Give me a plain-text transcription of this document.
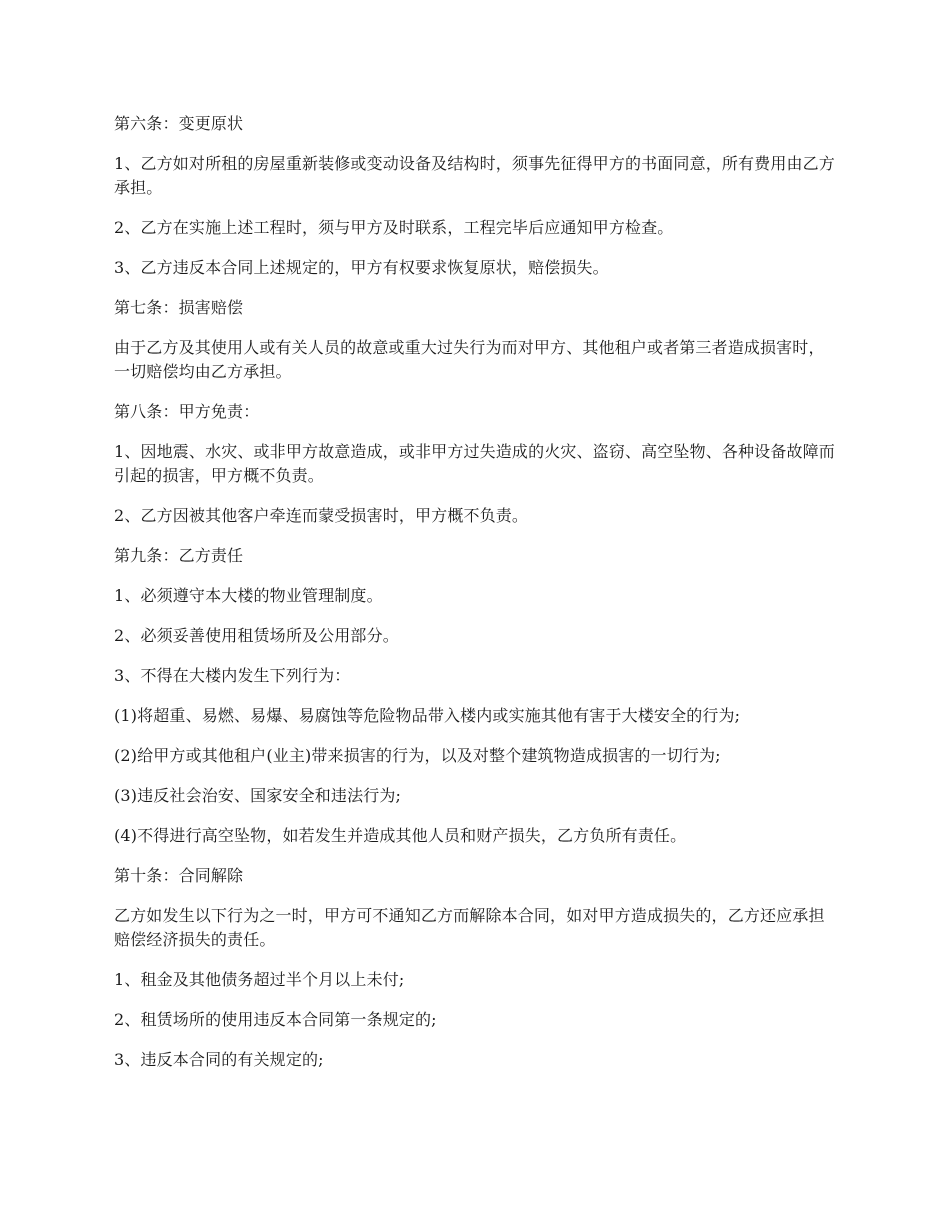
第六条：变更原状

1、乙方如对所租的房屋重新装修或变动设备及结构时，须事先征得甲方的书面同意，所有费用由乙方承担。

2、乙方在实施上述工程时，须与甲方及时联系，工程完毕后应通知甲方检查。

3、乙方违反本合同上述规定的，甲方有权要求恢复原状，赔偿损失。

第七条：损害赔偿

由于乙方及其使用人或有关人员的故意或重大过失行为而对甲方、其他租户或者第三者造成损害时，一切赔偿均由乙方承担。

第八条：甲方免责：

1、因地震、水灾、或非甲方故意造成，或非甲方过失造成的火灾、盗窃、高空坠物、各种设备故障而引起的损害，甲方概不负责。

2、乙方因被其他客户牵连而蒙受损害时，甲方概不负责。

第九条：乙方责任

1、必须遵守本大楼的物业管理制度。

2、必须妥善使用租赁场所及公用部分。

3、不得在大楼内发生下列行为：

(1)将超重、易燃、易爆、易腐蚀等危险物品带入楼内或实施其他有害于大楼安全的行为;

(2)给甲方或其他租户(业主)带来损害的行为，以及对整个建筑物造成损害的一切行为;

(3)违反社会治安、国家安全和违法行为;

(4)不得进行高空坠物，如若发生并造成其他人员和财产损失，乙方负所有责任。

第十条：合同解除

乙方如发生以下行为之一时，甲方可不通知乙方而解除本合同，如对甲方造成损失的，乙方还应承担赔偿经济损失的责任。

1、租金及其他债务超过半个月以上未付;

2、租赁场所的使用违反本合同第一条规定的;

3、违反本合同的有关规定的;
